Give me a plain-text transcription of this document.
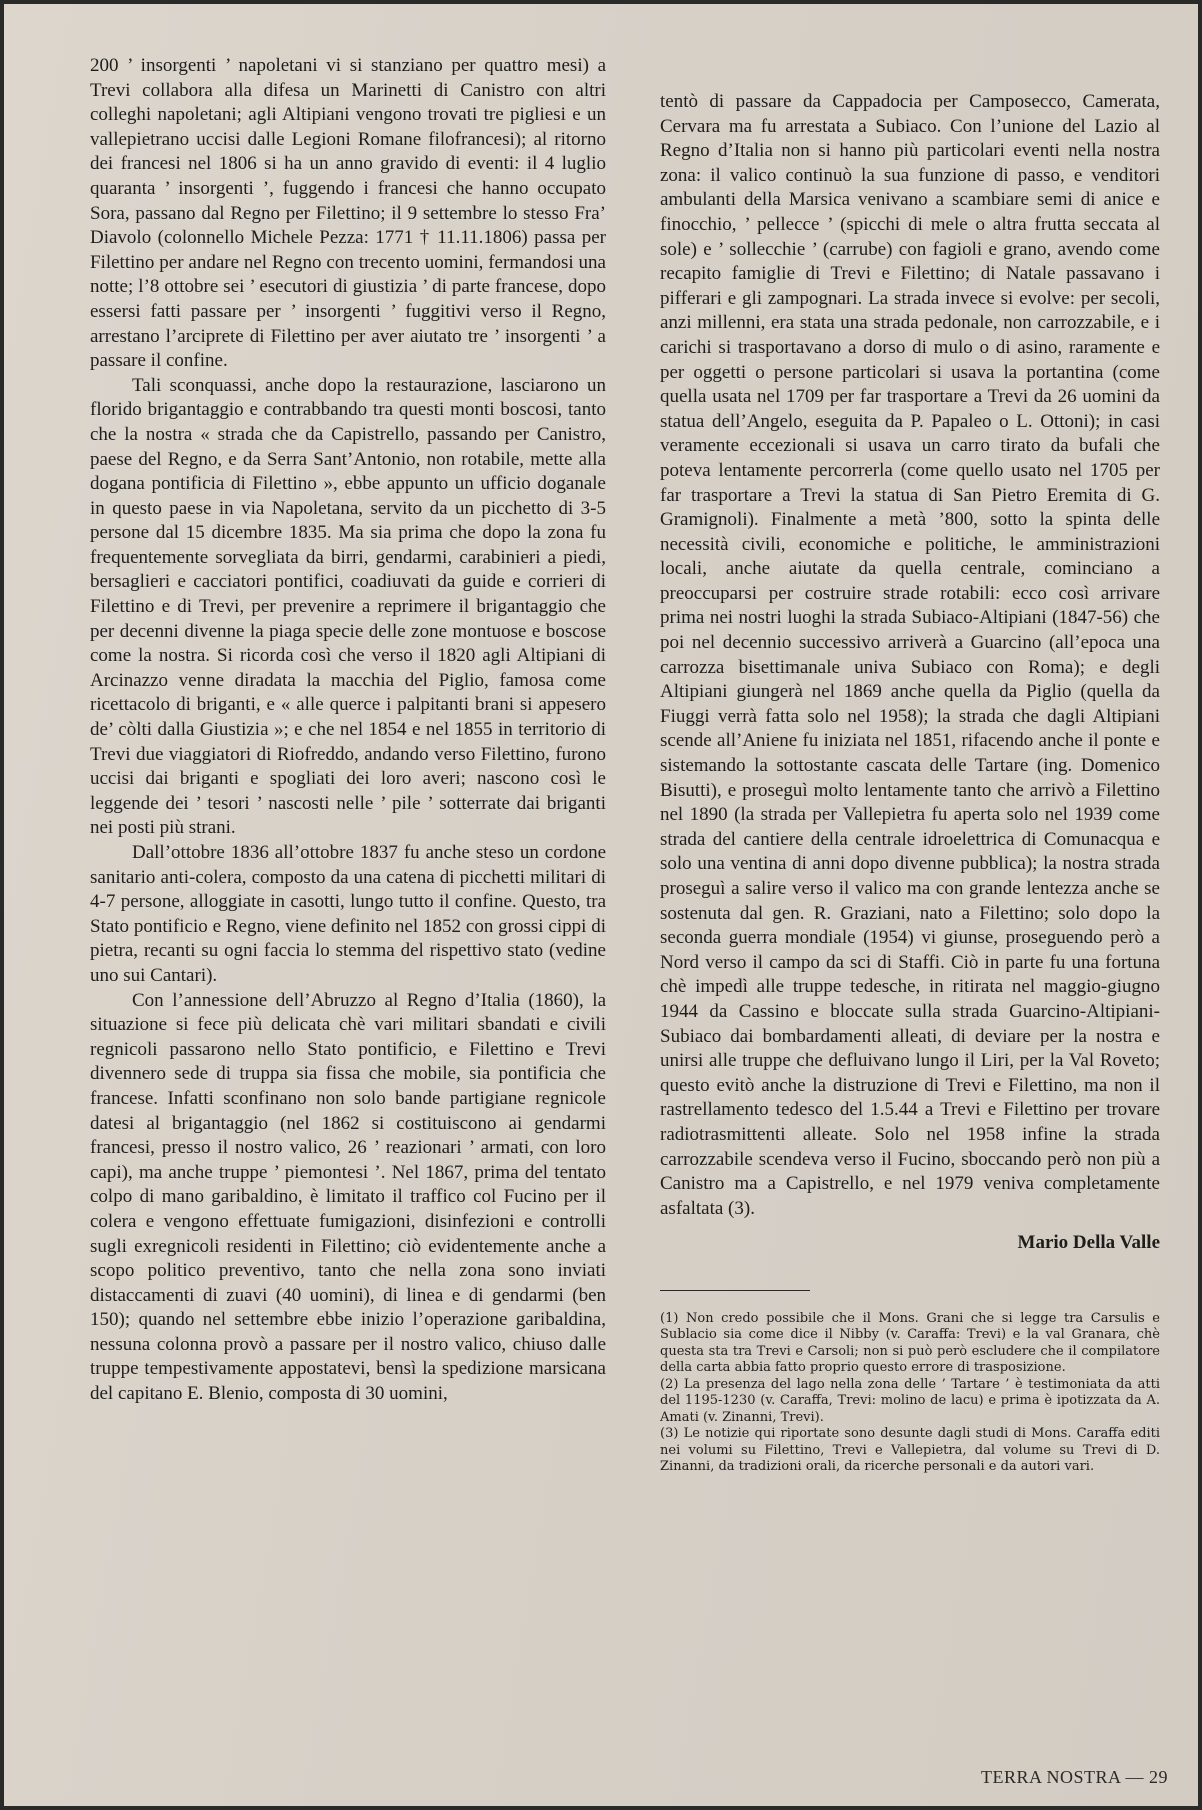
200 ’ insorgenti ’ napoletani vi si stanziano per quattro mesi) a Trevi collabora alla difesa un Marinetti di Canistro con altri colleghi napoletani; agli Altipiani vengono trovati tre pigliesi e un vallepietrano uccisi dalle Legioni Romane filofrancesi); al ritorno dei francesi nel 1806 si ha un anno gravido di eventi: il 4 luglio quaranta ’ insorgenti ’, fuggendo i francesi che hanno occupato Sora, passano dal Regno per Filettino; il 9 settembre lo stesso Fra’ Diavolo (colonnello Michele Pezza: 1771 † 11.11.1806) passa per Filettino per andare nel Regno con trecento uomini, fermandosi una notte; l’8 ottobre sei ’ esecutori di giustizia ’ di parte francese, dopo essersi fatti passare per ’ insorgenti ’ fuggitivi verso il Regno, arrestano l’arciprete di Filettino per aver aiutato tre ’ insorgenti ’ a passare il confine.

Tali sconquassi, anche dopo la restaurazione, lasciarono un florido brigantaggio e contrabbando tra questi monti boscosi, tanto che la nostra « strada che da Capistrello, passando per Canistro, paese del Regno, e da Serra Sant’Antonio, non rotabile, mette alla dogana pontificia di Filettino », ebbe appunto un ufficio doganale in questo paese in via Napoletana, servito da un picchetto di 3-5 persone dal 15 dicembre 1835. Ma sia prima che dopo la zona fu frequentemente sorvegliata da birri, gendarmi, carabinieri a piedi, bersaglieri e cacciatori pontifici, coadiuvati da guide e corrieri di Filettino e di Trevi, per prevenire a reprimere il brigantaggio che per decenni divenne la piaga specie delle zone montuose e boscose come la nostra. Si ricorda così che verso il 1820 agli Altipiani di Arcinazzo venne diradata la macchia del Piglio, famosa come ricettacolo di briganti, e « alle querce i palpitanti brani si appesero de’ còlti dalla Giustizia »; e che nel 1854 e nel 1855 in territorio di Trevi due viaggiatori di Riofreddo, andando verso Filettino, furono uccisi dai briganti e spogliati dei loro averi; nascono così le leggende dei ’ tesori ’ nascosti nelle ’ pile ’ sotterrate dai briganti nei posti più strani.

Dall’ottobre 1836 all’ottobre 1837 fu anche steso un cordone sanitario anti-colera, composto da una catena di picchetti militari di 4-7 persone, alloggiate in casotti, lungo tutto il confine. Questo, tra Stato pontificio e Regno, viene definito nel 1852 con grossi cippi di pietra, recanti su ogni faccia lo stemma del rispettivo stato (vedine uno sui Cantari).

Con l’annessione dell’Abruzzo al Regno d’Italia (1860), la situazione si fece più delicata chè vari militari sbandati e civili regnicoli passarono nello Stato pontificio, e Filettino e Trevi divennero sede di truppa sia fissa che mobile, sia pontificia che francese. Infatti sconfinano non solo bande partigiane regnicole datesi al brigantaggio (nel 1862 si costituiscono ai gendarmi francesi, presso il nostro valico, 26 ’ reazionari ’ armati, con loro capi), ma anche truppe ’ piemontesi ’. Nel 1867, prima del tentato colpo di mano garibaldino, è limitato il traffico col Fucino per il colera e vengono effettuate fumigazioni, disinfezioni e controlli sugli exregnicoli residenti in Filettino; ciò evidentemente anche a scopo politico preventivo, tanto che nella zona sono inviati distaccamenti di zuavi (40 uomini), di linea e di gendarmi (ben 150); quando nel settembre ebbe inizio l’operazione garibaldina, nessuna colonna provò a passare per il nostro valico, chiuso dalle truppe tempestivamente appostatevi, bensì la spedizione marsicana del capitano E. Blenio, composta di 30 uomini,

tentò di passare da Cappadocia per Camposecco, Camerata, Cervara ma fu arrestata a Subiaco. Con l’unione del Lazio al Regno d’Italia non si hanno più particolari eventi nella nostra zona: il valico continuò la sua funzione di passo, e venditori ambulanti della Marsica venivano a scambiare semi di anice e finocchio, ’ pellecce ’ (spicchi di mele o altra frutta seccata al sole) e ’ sollecchie ’ (carrube) con fagioli e grano, avendo come recapito famiglie di Trevi e Filettino; di Natale passavano i pifferari e gli zampognari. La strada invece si evolve: per secoli, anzi millenni, era stata una strada pedonale, non carrozzabile, e i carichi si trasportavano a dorso di mulo o di asino, raramente e per oggetti o persone particolari si usava la portantina (come quella usata nel 1709 per far trasportare a Trevi da 26 uomini da statua dell’Angelo, eseguita da P. Papaleo o L. Ottoni); in casi veramente eccezionali si usava un carro tirato da bufali che poteva lentamente percorrerla (come quello usato nel 1705 per far trasportare a Trevi la statua di San Pietro Eremita di G. Gramignoli). Finalmente a metà ’800, sotto la spinta delle necessità civili, economiche e politiche, le amministrazioni locali, anche aiutate da quella centrale, cominciano a preoccuparsi per costruire strade rotabili: ecco così arrivare prima nei nostri luoghi la strada Subiaco-Altipiani (1847-56) che poi nel decennio successivo arriverà a Guarcino (all’epoca una carrozza bisettimanale univa Subiaco con Roma); e degli Altipiani giungerà nel 1869 anche quella da Piglio (quella da Fiuggi verrà fatta solo nel 1958); la strada che dagli Altipiani scende all’Aniene fu iniziata nel 1851, rifacendo anche il ponte e sistemando la sottostante cascata delle Tartare (ing. Domenico Bisutti), e proseguì molto lentamente tanto che arrivò a Filettino nel 1890 (la strada per Vallepietra fu aperta solo nel 1939 come strada del cantiere della centrale idroelettrica di Comunacqua e solo una ventina di anni dopo divenne pubblica); la nostra strada proseguì a salire verso il valico ma con grande lentezza anche se sostenuta dal gen. R. Graziani, nato a Filettino; solo dopo la seconda guerra mondiale (1954) vi giunse, proseguendo però a Nord verso il campo da sci di Staffi. Ciò in parte fu una fortuna chè impedì alle truppe tedesche, in ritirata nel maggio-giugno 1944 da Cassino e bloccate sulla strada Guarcino-Altipiani-Subiaco dai bombardamenti alleati, di deviare per la nostra e unirsi alle truppe che defluivano lungo il Liri, per la Val Roveto; questo evitò anche la distruzione di Trevi e Filettino, ma non il rastrellamento tedesco del 1.5.44 a Trevi e Filettino per trovare radiotrasmittenti alleate. Solo nel 1958 infine la strada carrozzabile scendeva verso il Fucino, sboccando però non più a Canistro ma a Capistrello, e nel 1979 veniva completamente asfaltata (3).

Mario Della Valle

(1) Non credo possibile che il Mons. Grani che si legge tra Carsulis e Sublacio sia come dice il Nibby (v. Caraffa: Trevi) e la val Granara, chè questa sta tra Trevi e Carsoli; non si può però escludere che il compilatore della carta abbia fatto proprio questo errore di trasposizione.

(2) La presenza del lago nella zona delle ’ Tartare ’ è testimoniata da atti del 1195-1230 (v. Caraffa, Trevi: molino de lacu) e prima è ipotizzata da A. Amati (v. Zinanni, Trevi).

(3) Le notizie qui riportate sono desunte dagli studi di Mons. Caraffa editi nei volumi su Filettino, Trevi e Vallepietra, dal volume su Trevi di D. Zinanni, da tradizioni orali, da ricerche personali e da autori vari.

TERRA NOSTRA — 29
